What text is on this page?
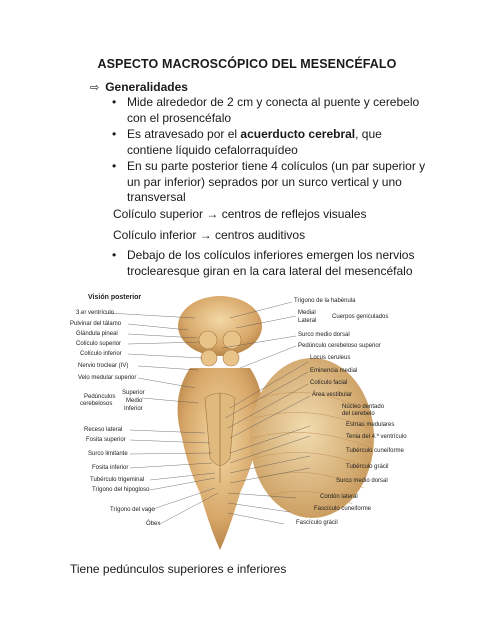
ASPECTO MACROSCÓPICO DEL MESENCÉFALO
⇨ Generalidades
• Mide alrededor de 2 cm y conecta al puente y cerebelo con el prosencéfalo
• Es atravesado por el acuerducto cerebral, que contiene líquido cefalorraquídeo
• En su parte posterior tiene 4 colículos (un par superior y un par inferior) seprados por un surco vertical y uno transversal
Colículo superior → centros de reflejos visuales
Colículo inferior → centros auditivos
• Debajo de los colículos inferiores emergen los nervios troclearesque giran en la cara lateral del mesencéfalo
Visión posterior
3.er ventrículo
Pulvinar del tálamo
Glándula pineal
Colículo superior
Colículo inferior
Nervio troclear (IV)
Velo medular superior
Superior
Medio
Inferior
Pedúnculos
cerebelosos
Receso lateral
Fosita superior
Surco limitante
Fosita inferior
Tubérculo trigeminal
Trígono del hipogloso
Trígono del vago
Óbex
Trígono de la habénula
Medial
Lateral
Cuerpos geniculados
Surco medio dorsal
Pedúnculo cerebeloso superior
Locus ceruleus
Eminencia medial
Colículo facial
Área vestibular
Núcleo dentado
del cerebelo
Estrías medulares
Tenia del 4.º ventrículo
Tubérculo cuneiforme
Tubérculo grácil
Surco medio dorsal
Cordón lateral
Fascículo cuneiforme
Fascículo grácil
Tiene pedúnculos superiores e inferiores
